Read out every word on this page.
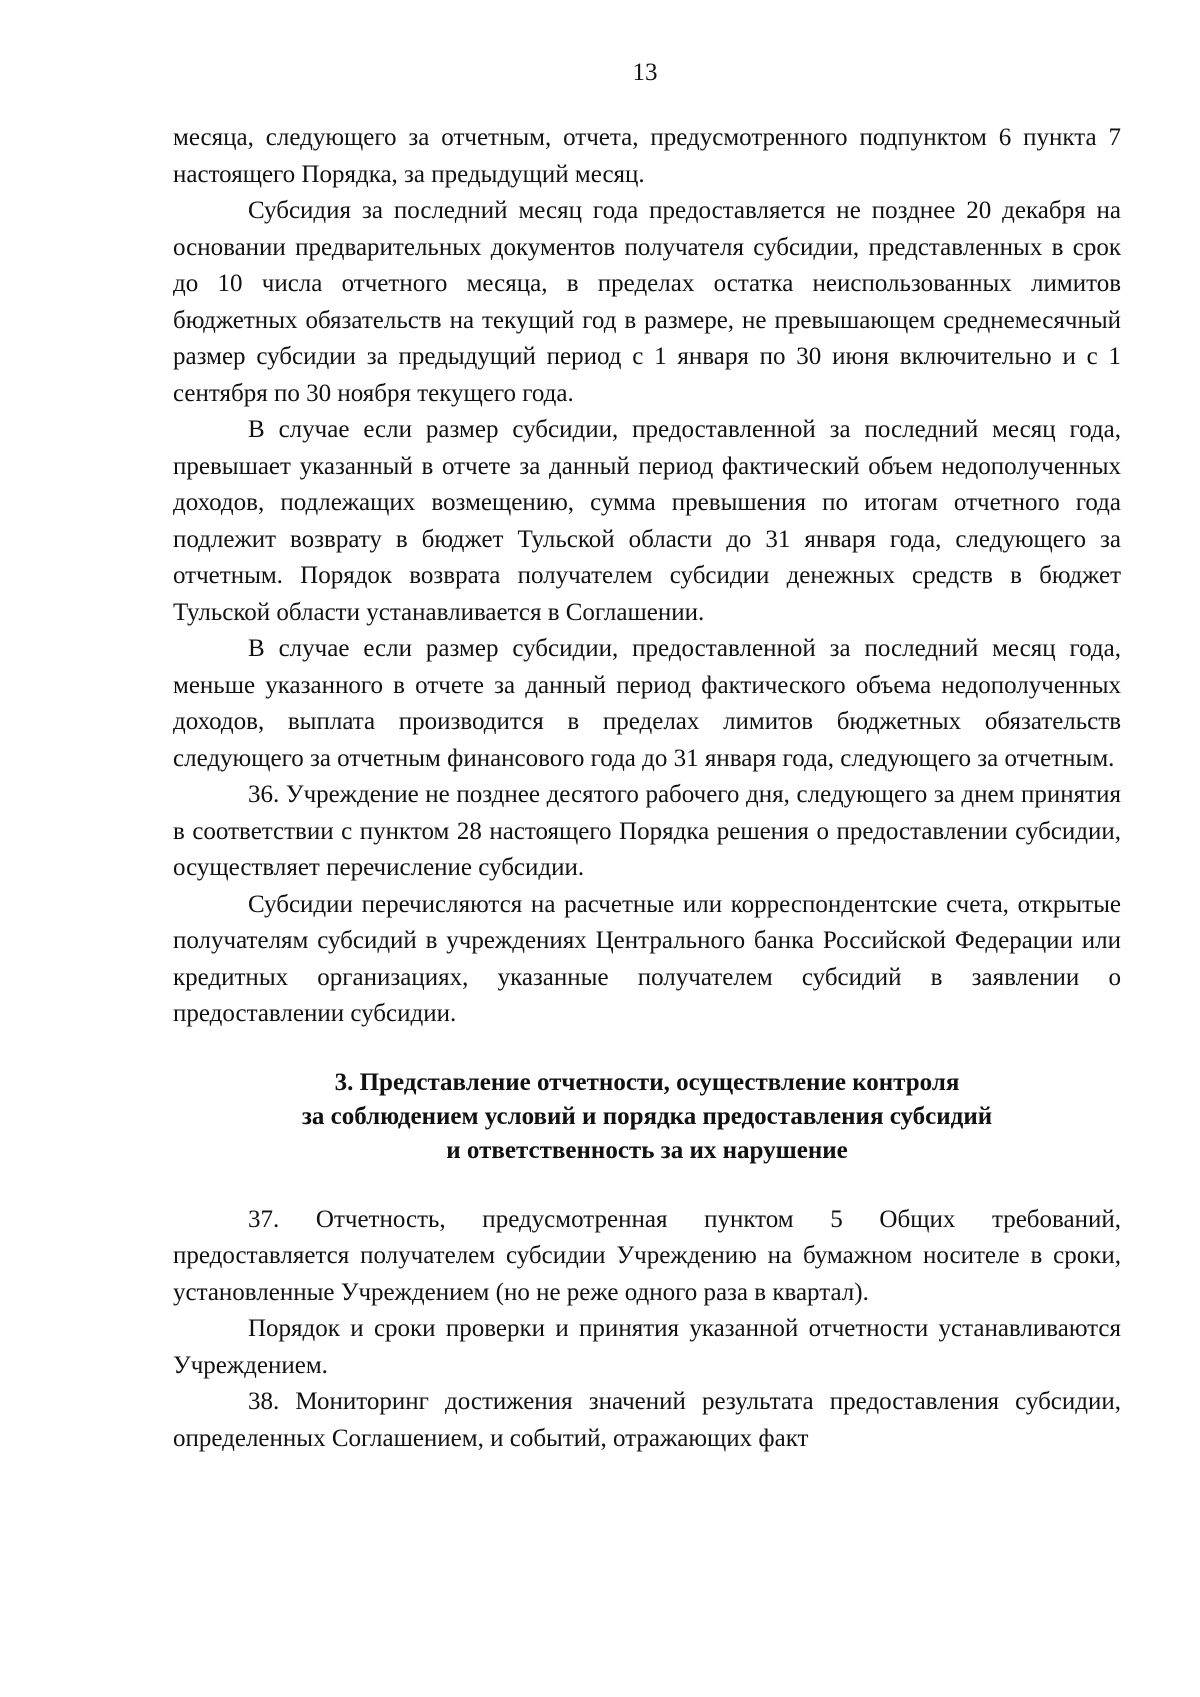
13

месяца, следующего за отчетным, отчета, предусмотренного подпунктом 6 пункта 7 настоящего Порядка, за предыдущий месяц.

Субсидия за последний месяц года предоставляется не позднее 20 декабря на основании предварительных документов получателя субсидии, представленных в срок до 10 числа отчетного месяца, в пределах остатка неиспользованных лимитов бюджетных обязательств на текущий год в размере, не превышающем среднемесячный размер субсидии за предыдущий период с 1 января по 30 июня включительно и с 1 сентября по 30 ноября текущего года.

В случае если размер субсидии, предоставленной за последний месяц года, превышает указанный в отчете за данный период фактический объем недополученных доходов, подлежащих возмещению, сумма превышения по итогам отчетного года подлежит возврату в бюджет Тульской области до 31 января года, следующего за отчетным. Порядок возврата получателем субсидии денежных средств в бюджет Тульской области устанавливается в Соглашении.

В случае если размер субсидии, предоставленной за последний месяц года, меньше указанного в отчете за данный период фактического объема недополученных доходов, выплата производится в пределах лимитов бюджетных обязательств следующего за отчетным финансового года до 31 января года, следующего за отчетным.

36. Учреждение не позднее десятого рабочего дня, следующего за днем принятия в соответствии с пунктом 28 настоящего Порядка решения о предоставлении субсидии, осуществляет перечисление субсидии.

Субсидии перечисляются на расчетные или корреспондентские счета, открытые получателям субсидий в учреждениях Центрального банка Российской Федерации или кредитных организациях, указанные получателем субсидий в заявлении о предоставлении субсидии.

3. Представление отчетности, осуществление контроля
за соблюдением условий и порядка предоставления субсидий
и ответственность за их нарушение

37. Отчетность, предусмотренная пунктом 5 Общих требований, предоставляется получателем субсидии Учреждению на бумажном носителе в сроки, установленные Учреждением (но не реже одного раза в квартал).

Порядок и сроки проверки и принятия указанной отчетности устанавливаются Учреждением.

38. Мониторинг достижения значений результата предоставления субсидии, определенных Соглашением, и событий, отражающих факт
